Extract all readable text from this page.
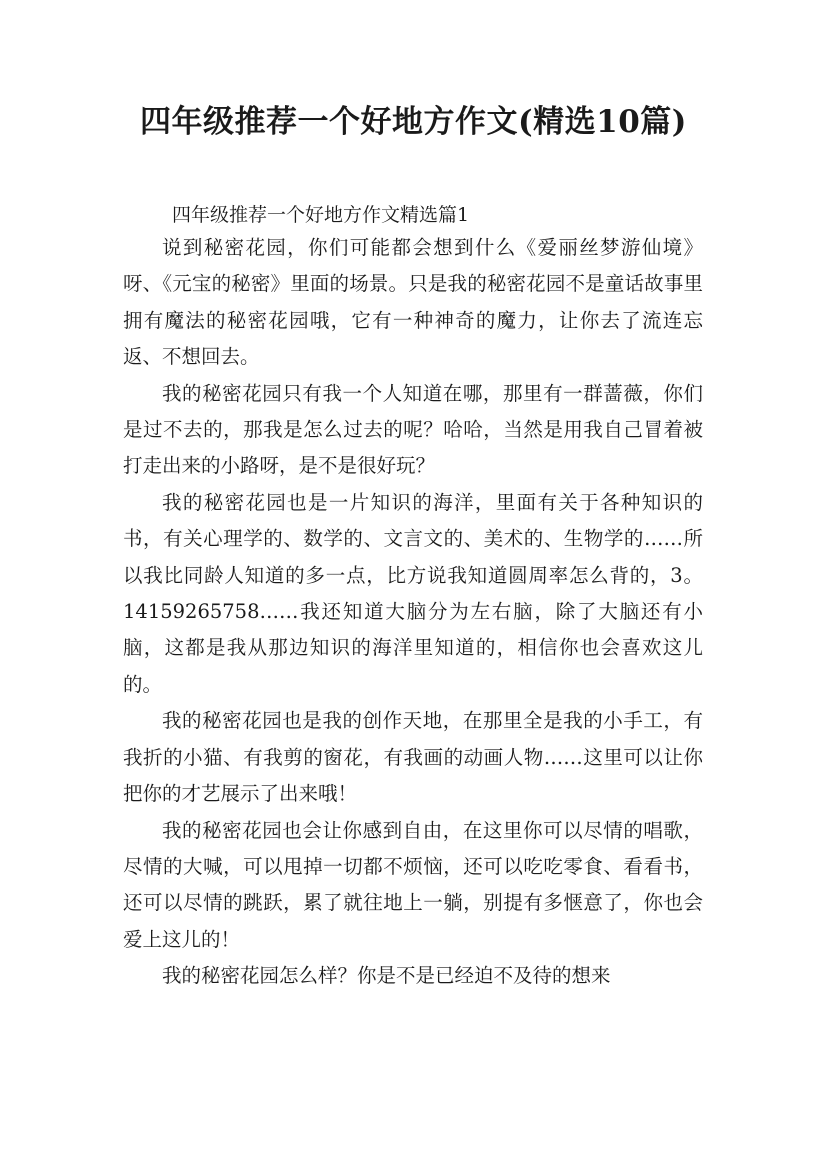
四年级推荐一个好地方作文(精选10篇)
四年级推荐一个好地方作文精选篇1

说到秘密花园，你们可能都会想到什么《爱丽丝梦游仙境》呀、《元宝的秘密》里面的场景。只是我的秘密花园不是童话故事里拥有魔法的秘密花园哦，它有一种神奇的魔力，让你去了流连忘返、不想回去。

我的秘密花园只有我一个人知道在哪，那里有一群蔷薇，你们是过不去的，那我是怎么过去的呢？哈哈，当然是用我自己冒着被打走出来的小路呀，是不是很好玩？

我的秘密花园也是一片知识的海洋，里面有关于各种知识的书，有关心理学的、数学的、文言文的、美术的、生物学的……所以我比同龄人知道的多一点，比方说我知道圆周率怎么背的，3。14159265758……我还知道大脑分为左右脑，除了大脑还有小脑，这都是我从那边知识的海洋里知道的，相信你也会喜欢这儿的。

我的秘密花园也是我的创作天地，在那里全是我的小手工，有我折的小猫、有我剪的窗花，有我画的动画人物……这里可以让你把你的才艺展示了出来哦！

我的秘密花园也会让你感到自由，在这里你可以尽情的唱歌，尽情的大喊，可以甩掉一切都不烦恼，还可以吃吃零食、看看书，还可以尽情的跳跃，累了就往地上一躺，别提有多惬意了，你也会爱上这儿的！

我的秘密花园怎么样？你是不是已经迫不及待的想来
